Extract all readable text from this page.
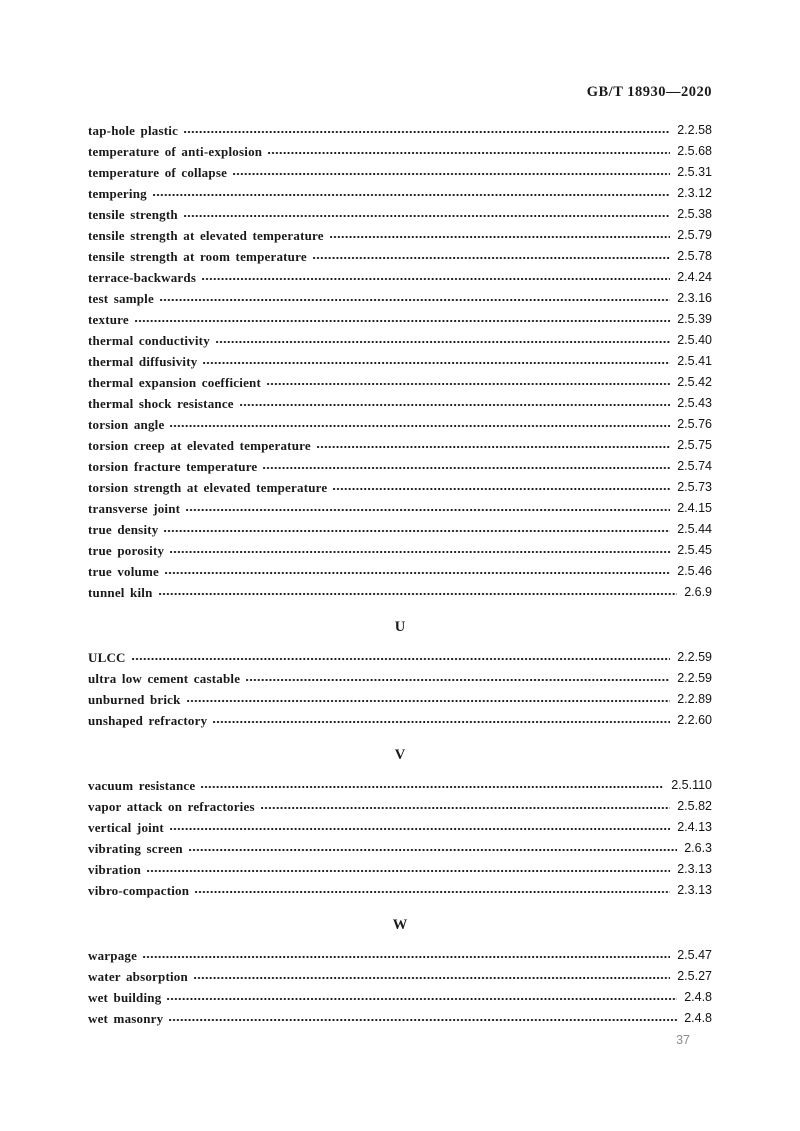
GB/T 18930—2020
tap-hole plastic	2.2.58
temperature of anti-explosion	2.5.68
temperature of collapse	2.5.31
tempering	2.3.12
tensile strength	2.5.38
tensile strength at elevated temperature	2.5.79
tensile strength at room temperature	2.5.78
terrace-backwards	2.4.24
test sample	2.3.16
texture	2.5.39
thermal conductivity	2.5.40
thermal diffusivity	2.5.41
thermal expansion coefficient	2.5.42
thermal shock resistance	2.5.43
torsion angle	2.5.76
torsion creep at elevated temperature	2.5.75
torsion fracture temperature	2.5.74
torsion strength at elevated temperature	2.5.73
transverse joint	2.4.15
true density	2.5.44
true porosity	2.5.45
true volume	2.5.46
tunnel kiln	2.6.9
U
ULCC	2.2.59
ultra low cement castable	2.2.59
unburned brick	2.2.89
unshaped refractory	2.2.60
V
vacuum resistance	2.5.110
vapor attack on refractories	2.5.82
vertical joint	2.4.13
vibrating screen	2.6.3
vibration	2.3.13
vibro-compaction	2.3.13
W
warpage	2.5.47
water absorption	2.5.27
wet building	2.4.8
wet masonry	2.4.8
37
